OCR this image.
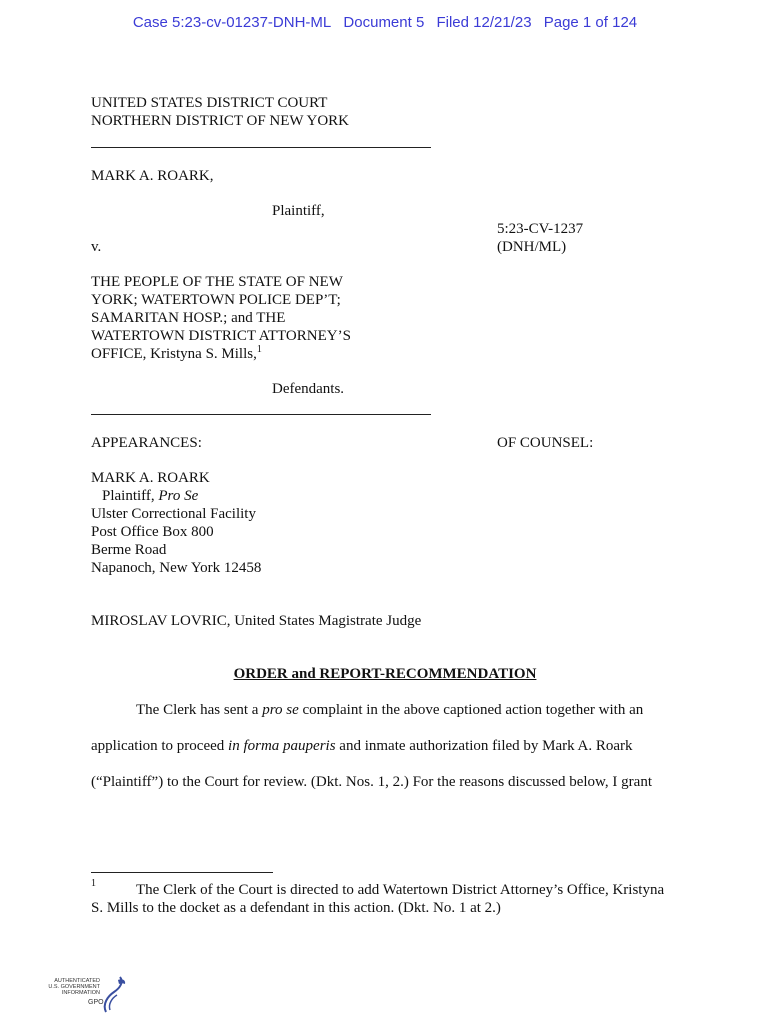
Case 5:23-cv-01237-DNH-ML Document 5 Filed 12/21/23 Page 1 of 124
UNITED STATES DISTRICT COURT
NORTHERN DISTRICT OF NEW YORK
MARK A. ROARK,
Plaintiff,
5:23-CV-1237
(DNH/ML)
v.
THE PEOPLE OF THE STATE OF NEW
YORK; WATERTOWN POLICE DEP’T;
SAMARITAN HOSP.; and THE
WATERTOWN DISTRICT ATTORNEY’S
OFFICE, Kristyna S. Mills,$^1$
Defendants.
APPEARANCES:	OF COUNSEL:
MARK A. ROARK
Plaintiff, Pro Se
Ulster Correctional Facility
Post Office Box 800
Berme Road
Napanoch, New York 12458
MIROSLAV LOVRIC, United States Magistrate Judge
ORDER and REPORT-RECOMMENDATION
The Clerk has sent a pro se complaint in the above captioned action together with an
application to proceed in forma pauperis and inmate authorization filed by Mark A. Roark
(“Plaintiff”) to the Court for review. (Dkt. Nos. 1, 2.) For the reasons discussed below, I grant
1	The Clerk of the Court is directed to add Watertown District Attorney’s Office, Kristyna
S. Mills to the docket as a defendant in this action. (Dkt. No. 1 at 2.)
AUTHENTICATED
U.S. GOVERNMENT
INFORMATION
GPO
